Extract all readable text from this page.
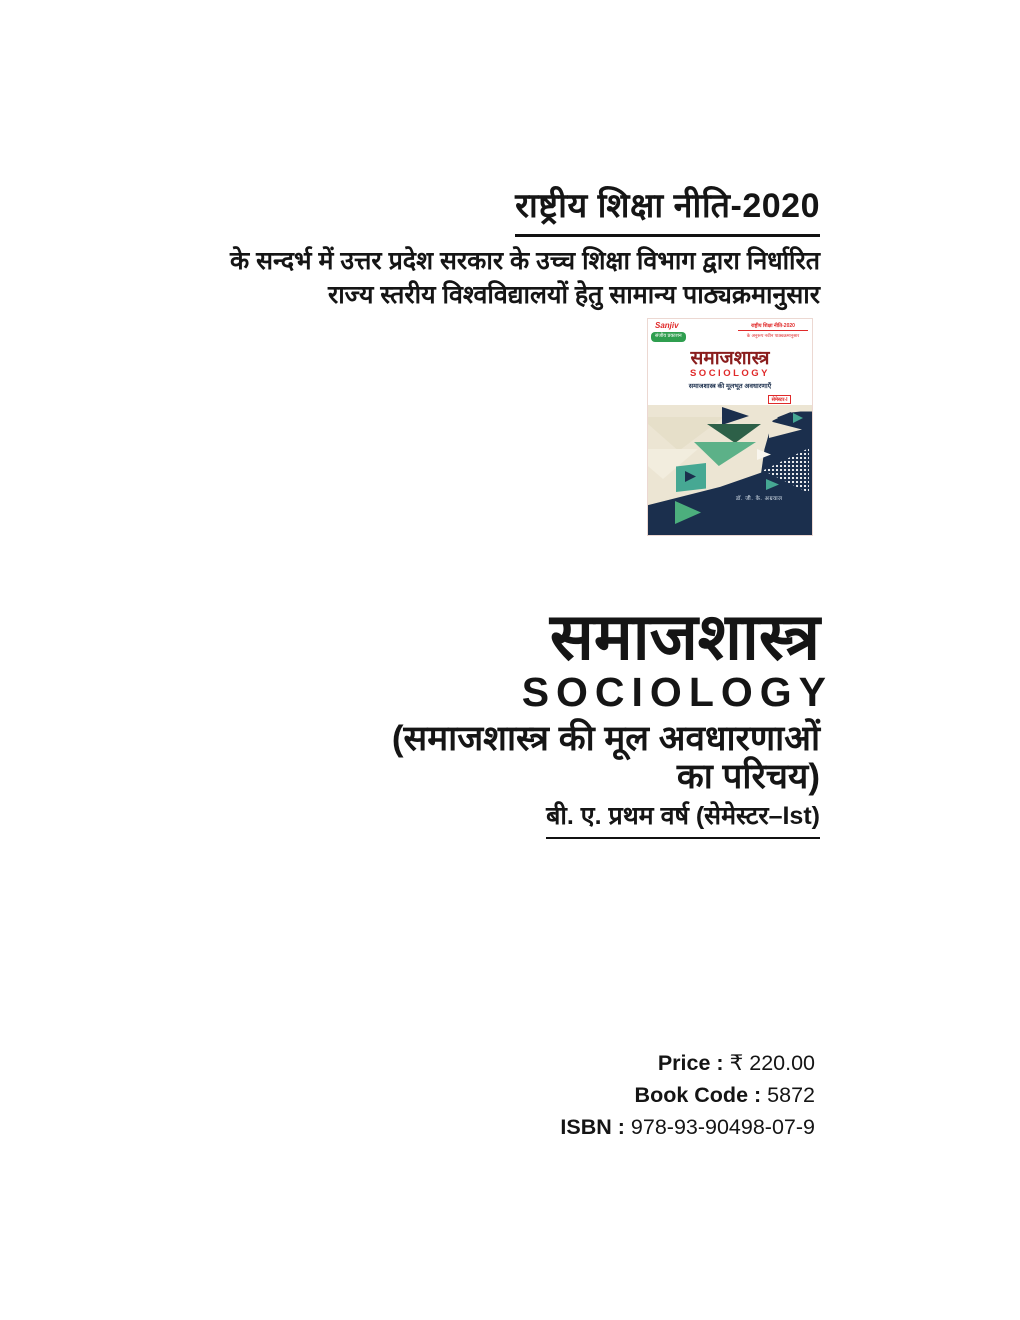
राष्ट्रीय शिक्षा नीति-2020
के सन्दर्भ में उत्तर प्रदेश सरकार के उच्च शिक्षा विभाग द्वारा निर्धारित
राज्य स्तरीय विश्वविद्यालयों हेतु सामान्य पाठ्यक्रमानुसार
Sanjiv
संजीव प्रकाशन
राष्ट्रीय शिक्षा नीति-2020
के अनुरूप नवीन पाठ्यक्रमानुसार
समाजशास्त्र
SOCIOLOGY
समाजशास्त्र की मूलभूत अवधारणाएँ
सेमेस्टर-I
डॉ. जी. के. अग्रवाल
समाजशास्त्र
SOCIOLOGY
(समाजशास्त्र की मूल अवधारणाओं
का परिचय)
बी. ए. प्रथम वर्ष (सेमेस्टर–Ist)
Price : ₹ 220.00
Book Code : 5872
ISBN : 978-93-90498-07-9
